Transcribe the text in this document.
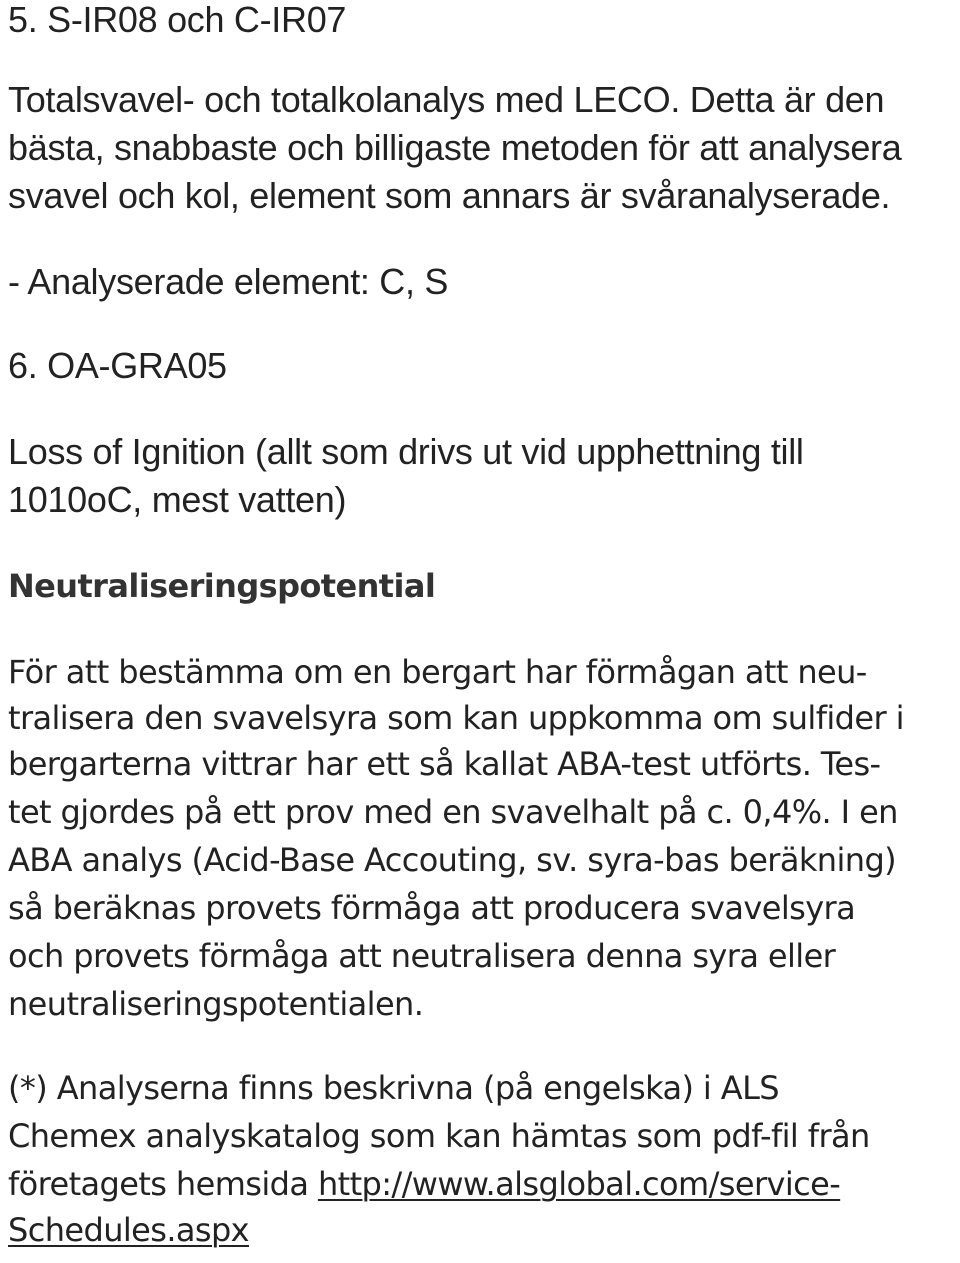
5. S-IR08 och C-IR07

Totalsvavel- och totalkolanalys med LECO. Detta är den

bästa, snabbaste och billigaste metoden för att analysera

svavel och kol, element som annars är svåranalyserade.

- Analyserade element: C, S

6. OA-GRA05

Loss of Ignition (allt som drivs ut vid upphettning till

1010oC, mest vatten)

Neutraliseringspotential

För att bestämma om en bergart har förmågan att neu-

tralisera den svavelsyra som kan uppkomma om sulfider i

bergarterna vittrar har ett så kallat ABA-test utförts. Tes-

tet gjordes på ett prov med en svavelhalt på c. 0,4%. I en

ABA analys (Acid-Base Accouting, sv. syra-bas beräkning)

så beräknas provets förmåga att producera svavelsyra

och provets förmåga att neutralisera denna syra eller

neutraliseringspotentialen.

(*) Analyserna finns beskrivna (på engelska) i ALS

Chemex analyskatalog som kan hämtas som pdf-fil från

företagets hemsida http://www.alsglobal.com/service-

Schedules.aspx
